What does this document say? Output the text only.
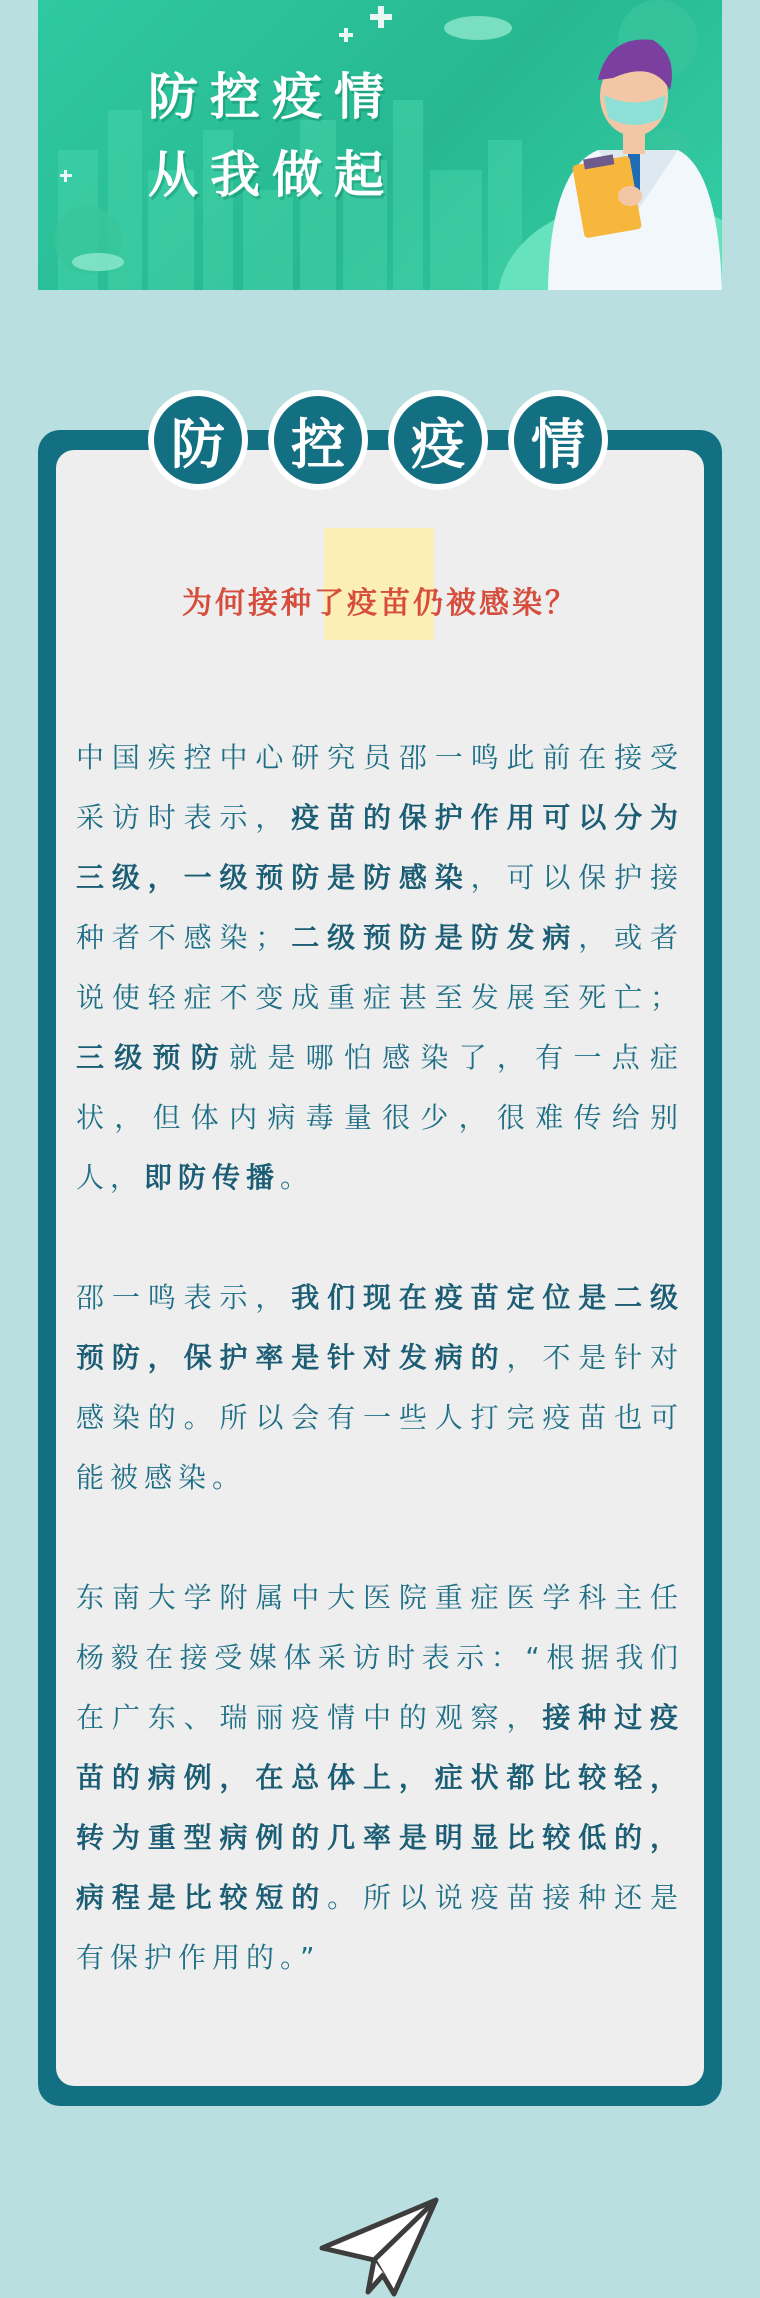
防控疫情
从我做起
防	控	疫	情
为何接种了疫苗仍被感染？
中国疾控中心研究员邵一鸣此前在接受采访时表示，疫苗的保护作用可以分为三级，一级预防是防感染，可以保护接种者不感染；二级预防是防发病，或者说使轻症不变成重症甚至发展至死亡；三级预防就是哪怕感染了，有一点症状，但体内病毒量很少，很难传给别人，即防传播。
邵一鸣表示，我们现在疫苗定位是二级预防，保护率是针对发病的，不是针对感染的。所以会有一些人打完疫苗也可能被感染。
东南大学附属中大医院重症医学科主任杨毅在接受媒体采访时表示：“根据我们在广东、瑞丽疫情中的观察，接种过疫苗的病例，在总体上，症状都比较轻，转为重型病例的几率是明显比较低的，病程是比较短的。所以说疫苗接种还是有保护作用的。”
